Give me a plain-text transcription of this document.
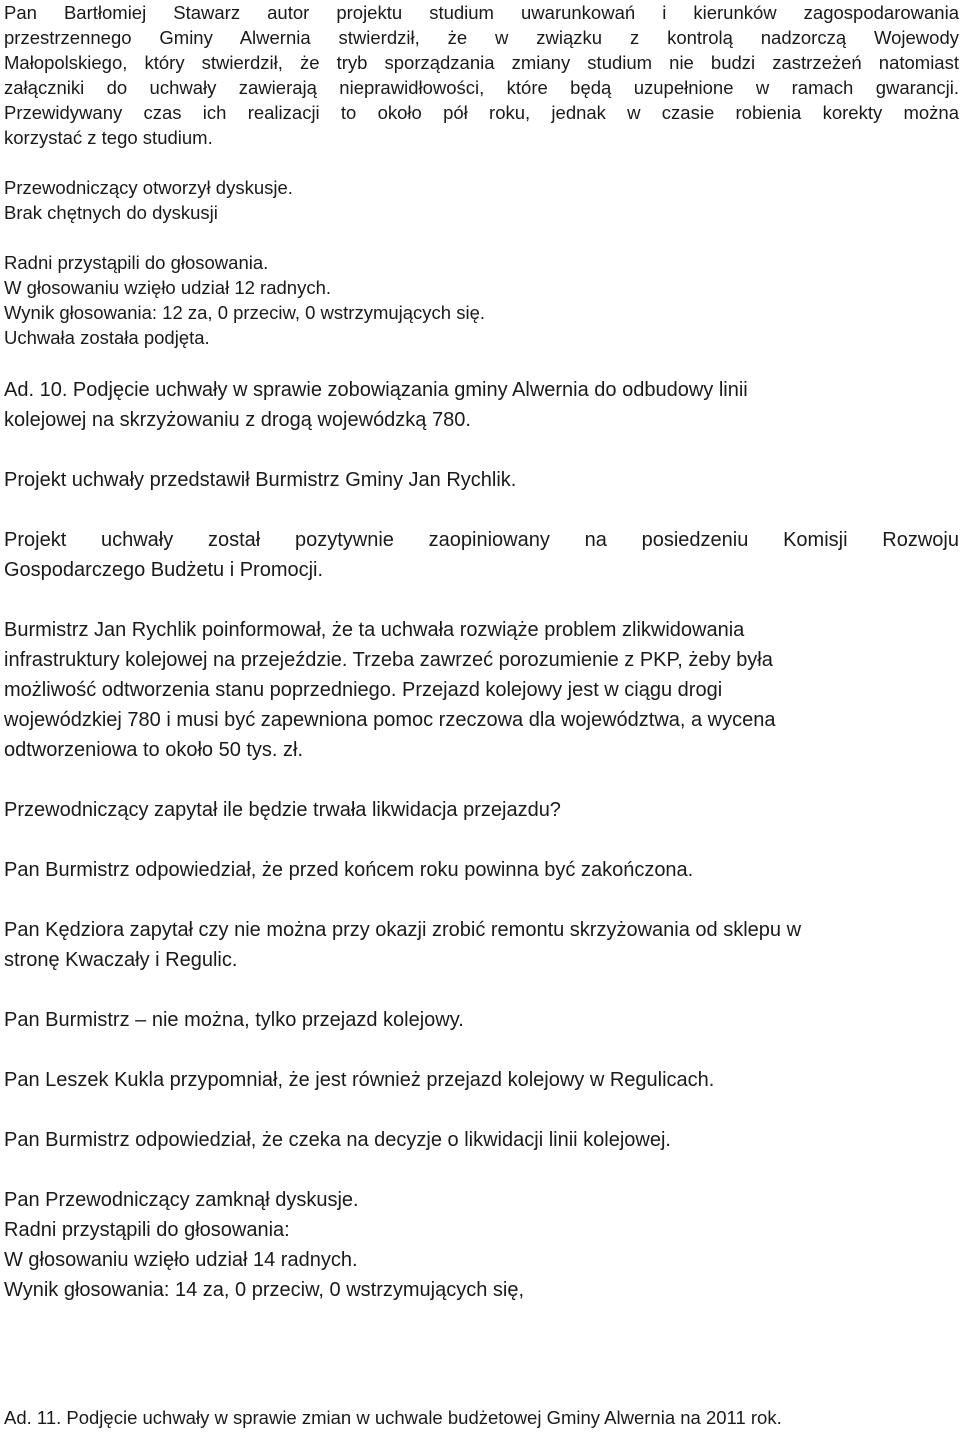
Pan Bartłomiej Stawarz autor projektu studium uwarunkowań i kierunków zagospodarowania
przestrzennego Gminy Alwernia stwierdził, że w związku z kontrolą nadzorczą Wojewody
Małopolskiego, który stwierdził, że tryb sporządzania zmiany studium nie budzi zastrzeżeń natomiast
załączniki do uchwały zawierają nieprawidłowości, które będą uzupełnione w ramach gwarancji.
Przewidywany czas ich realizacji to około pół roku, jednak w czasie robienia korekty można
korzystać z tego studium.
Przewodniczący otworzył dyskusje.
Brak chętnych do dyskusji
Radni przystąpili do głosowania.
W głosowaniu wzięło udział 12 radnych.
Wynik głosowania: 12 za, 0 przeciw, 0 wstrzymujących się.
Uchwała została podjęta.
Ad. 10. Podjęcie uchwały w sprawie zobowiązania gminy Alwernia do odbudowy linii
kolejowej na skrzyżowaniu z drogą wojewódzką 780.
Projekt uchwały przedstawił Burmistrz Gminy Jan Rychlik.
Projekt uchwały został pozytywnie zaopiniowany na posiedzeniu Komisji Rozwoju
Gospodarczego Budżetu i Promocji.
Burmistrz Jan Rychlik poinformował, że ta uchwała rozwiąże problem zlikwidowania
infrastruktury kolejowej na przejeździe. Trzeba zawrzeć porozumienie z PKP, żeby była
możliwość odtworzenia stanu poprzedniego. Przejazd kolejowy jest w ciągu drogi
wojewódzkiej 780 i musi być zapewniona pomoc rzeczowa dla województwa, a wycena
odtworzeniowa to około 50 tys. zł.
Przewodniczący zapytał ile będzie trwała likwidacja przejazdu?
Pan Burmistrz odpowiedział, że przed końcem roku powinna być zakończona.
Pan Kędziora zapytał czy nie można przy okazji zrobić remontu skrzyżowania od sklepu w
stronę Kwaczały i Regulic.
Pan Burmistrz – nie można, tylko przejazd kolejowy.
Pan Leszek Kukla przypomniał, że jest również przejazd kolejowy w Regulicach.
Pan Burmistrz odpowiedział, że czeka na decyzje o likwidacji linii kolejowej.
Pan Przewodniczący zamknął dyskusje.
Radni przystąpili do głosowania:
W głosowaniu wzięło udział 14 radnych.
Wynik głosowania: 14 za, 0 przeciw, 0 wstrzymujących się,
Ad. 11. Podjęcie uchwały w sprawie zmian w uchwale budżetowej Gminy Alwernia na 2011 rok.
